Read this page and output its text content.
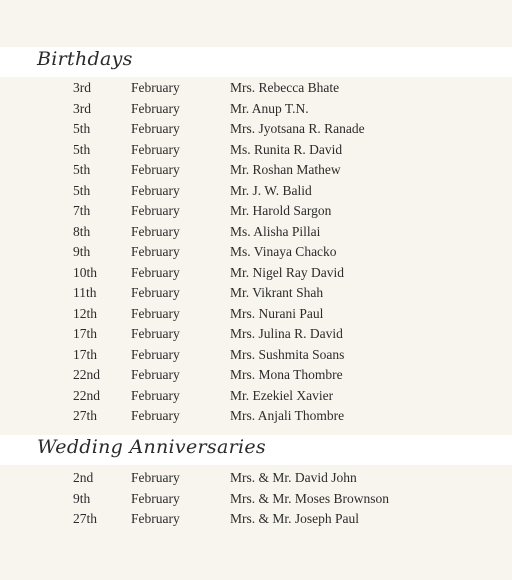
Birthdays
3rd	February	Mrs. Rebecca Bhate
3rd	February	Mr. Anup T.N.
5th	February	Mrs. Jyotsana R. Ranade
5th	February	Ms. Runita R. David
5th	February	Mr. Roshan Mathew
5th	February	Mr. J. W. Balid
7th	February	Mr. Harold Sargon
8th	February	Ms. Alisha Pillai
9th	February	Ms. Vinaya Chacko
10th	February	Mr. Nigel Ray David
11th	February	Mr. Vikrant Shah
12th	February	Mrs. Nurani Paul
17th	February	Mrs. Julina R. David
17th	February	Mrs. Sushmita Soans
22nd February	Mrs. Mona Thombre
22nd February	Mr. Ezekiel Xavier
27th	February	Mrs. Anjali Thombre
Wedding Anniversaries
2nd	February	Mrs. & Mr. David John
9th	February	Mrs. & Mr. Moses Brownson
27th	February	Mrs. & Mr. Joseph Paul
